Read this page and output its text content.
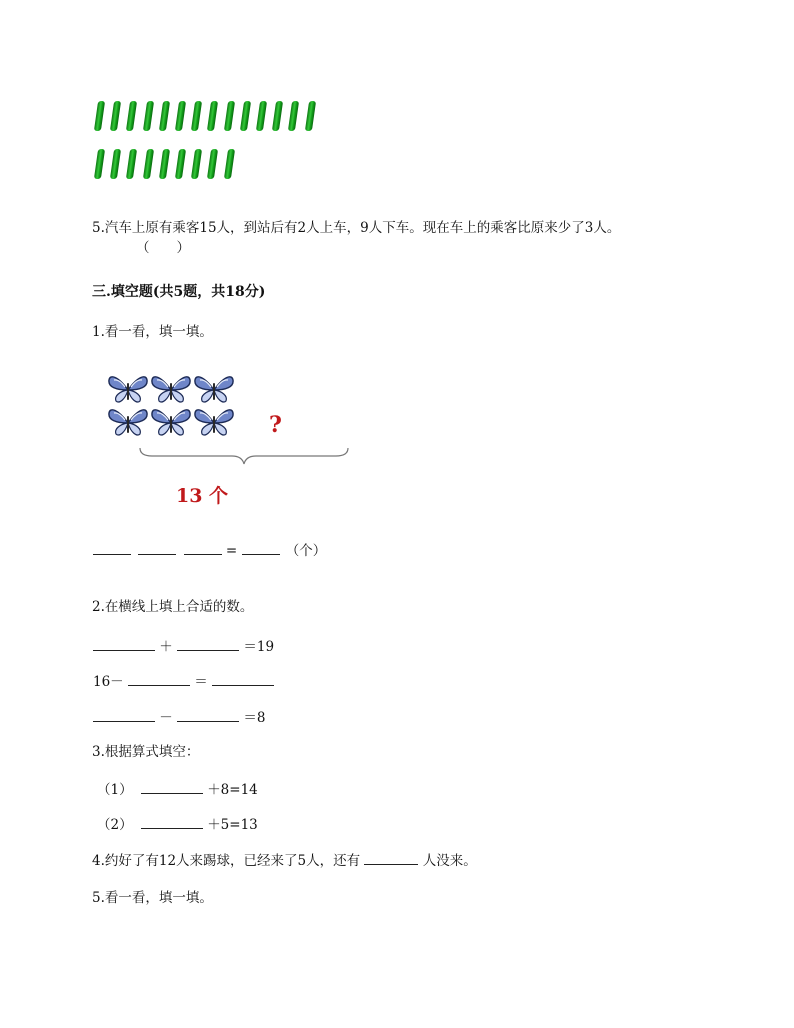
5.汽车上原有乘客15人，到站后有2人上车，9人下车。现在车上的乘客比原来少了3人。
（　　）
三.填空题(共5题，共18分)
1.看一看，填一填。
?
13 个
=	（个）
2.在横线上填上合适的数。
＋	＝19
16－	＝
－	＝8
3.根据算式填空：
（1）	＋8=14
（2）	＋5=13
4.约好了有12人来踢球，已经来了5人，还有	人没来。
5.看一看，填一填。
